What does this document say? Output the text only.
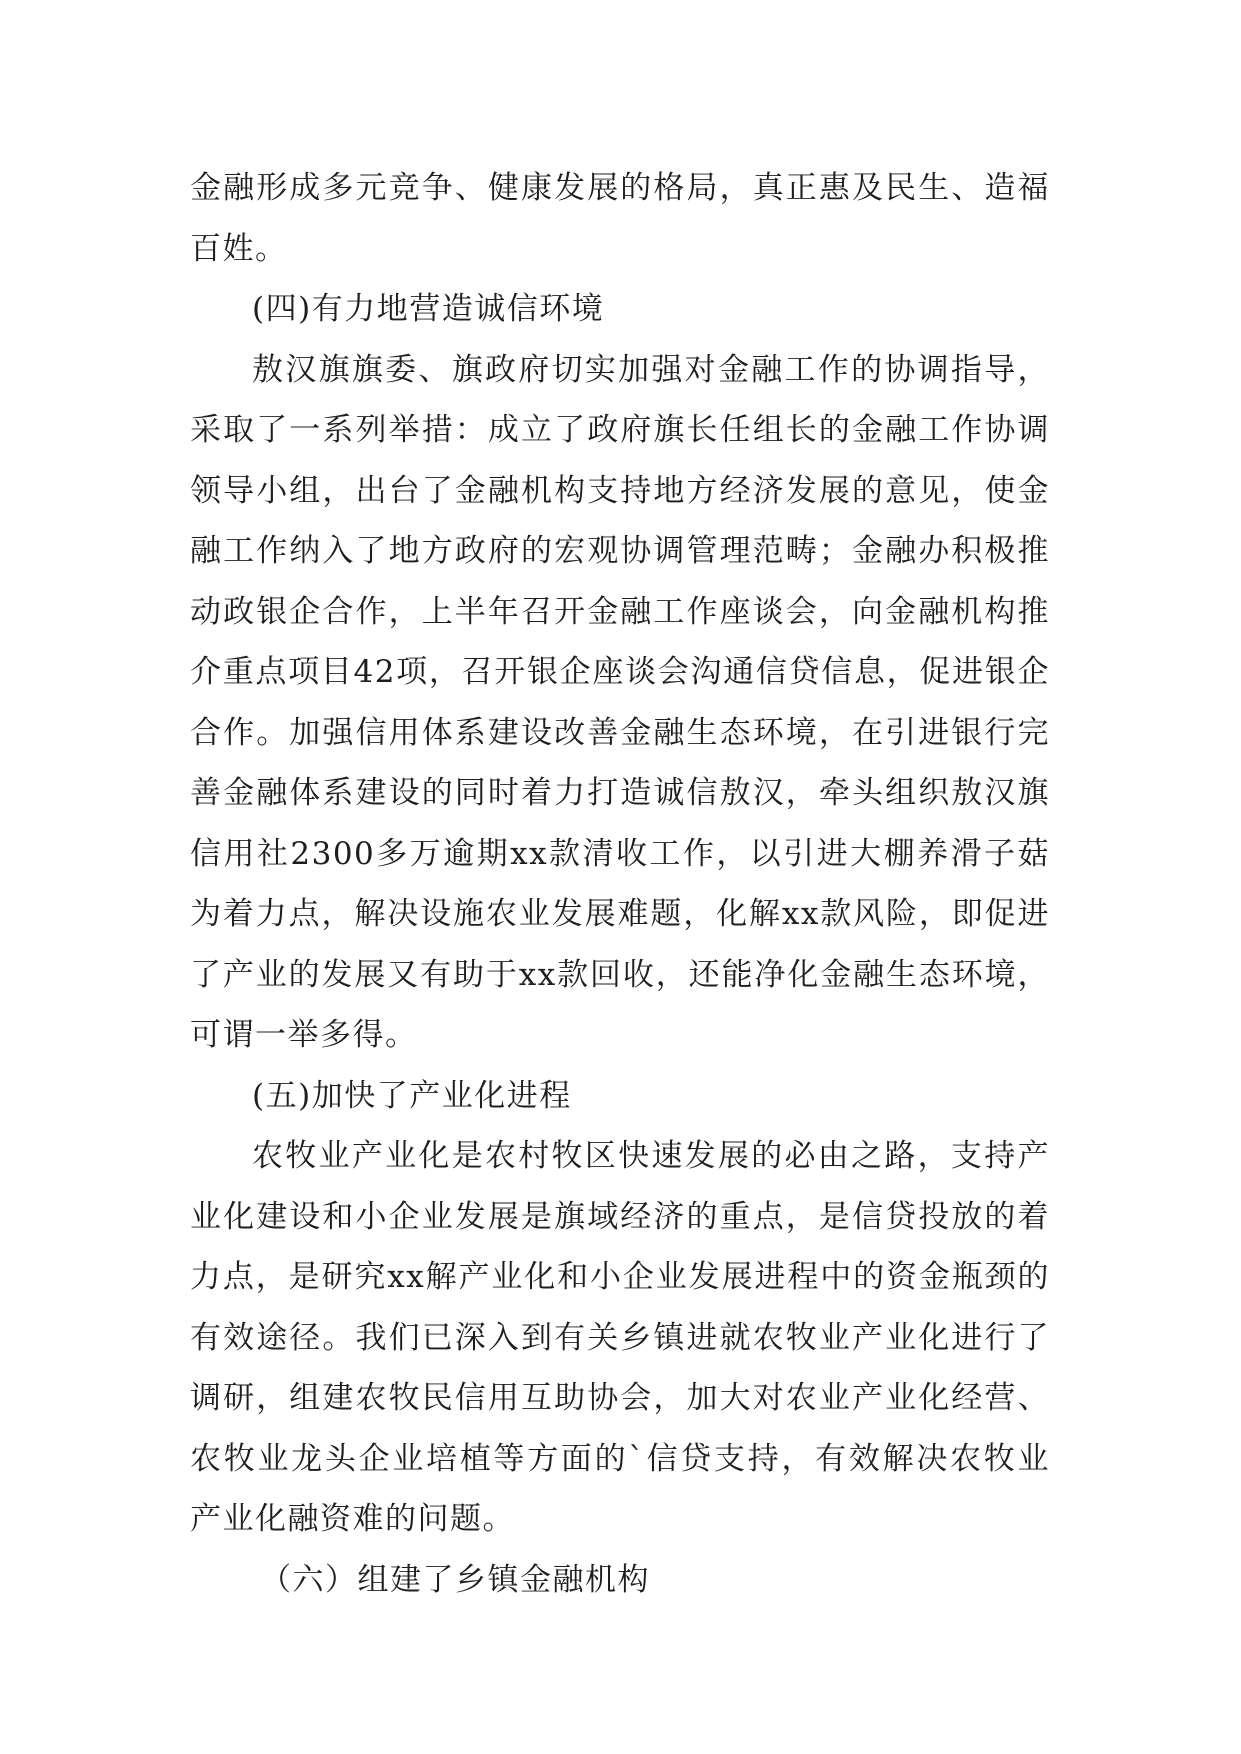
金融形成多元竞争、健康发展的格局，真正惠及民生、造福百姓。

(四)有力地营造诚信环境

敖汉旗旗委、旗政府切实加强对金融工作的协调指导，采取了一系列举措：成立了政府旗长任组长的金融工作协调领导小组，出台了金融机构支持地方经济发展的意见，使金融工作纳入了地方政府的宏观协调管理范畴；金融办积极推动政银企合作，上半年召开金融工作座谈会，向金融机构推介重点项目42项，召开银企座谈会沟通信贷信息，促进银企合作。加强信用体系建设改善金融生态环境，在引进银行完善金融体系建设的同时着力打造诚信敖汉，牵头组织敖汉旗信用社2300多万逾期xx款清收工作，以引进大棚养滑子菇为着力点，解决设施农业发展难题，化解xx款风险，即促进了产业的发展又有助于xx款回收，还能净化金融生态环境，可谓一举多得。

(五)加快了产业化进程

农牧业产业化是农村牧区快速发展的必由之路，支持产业化建设和小企业发展是旗域经济的重点，是信贷投放的着力点，是研究xx解产业化和小企业发展进程中的资金瓶颈的有效途径。我们已深入到有关乡镇进就农牧业产业化进行了调研，组建农牧民信用互助协会，加大对农业产业化经营、农牧业龙头企业培植等方面的`信贷支持，有效解决农牧业产业化融资难的问题。

（六）组建了乡镇金融机构
